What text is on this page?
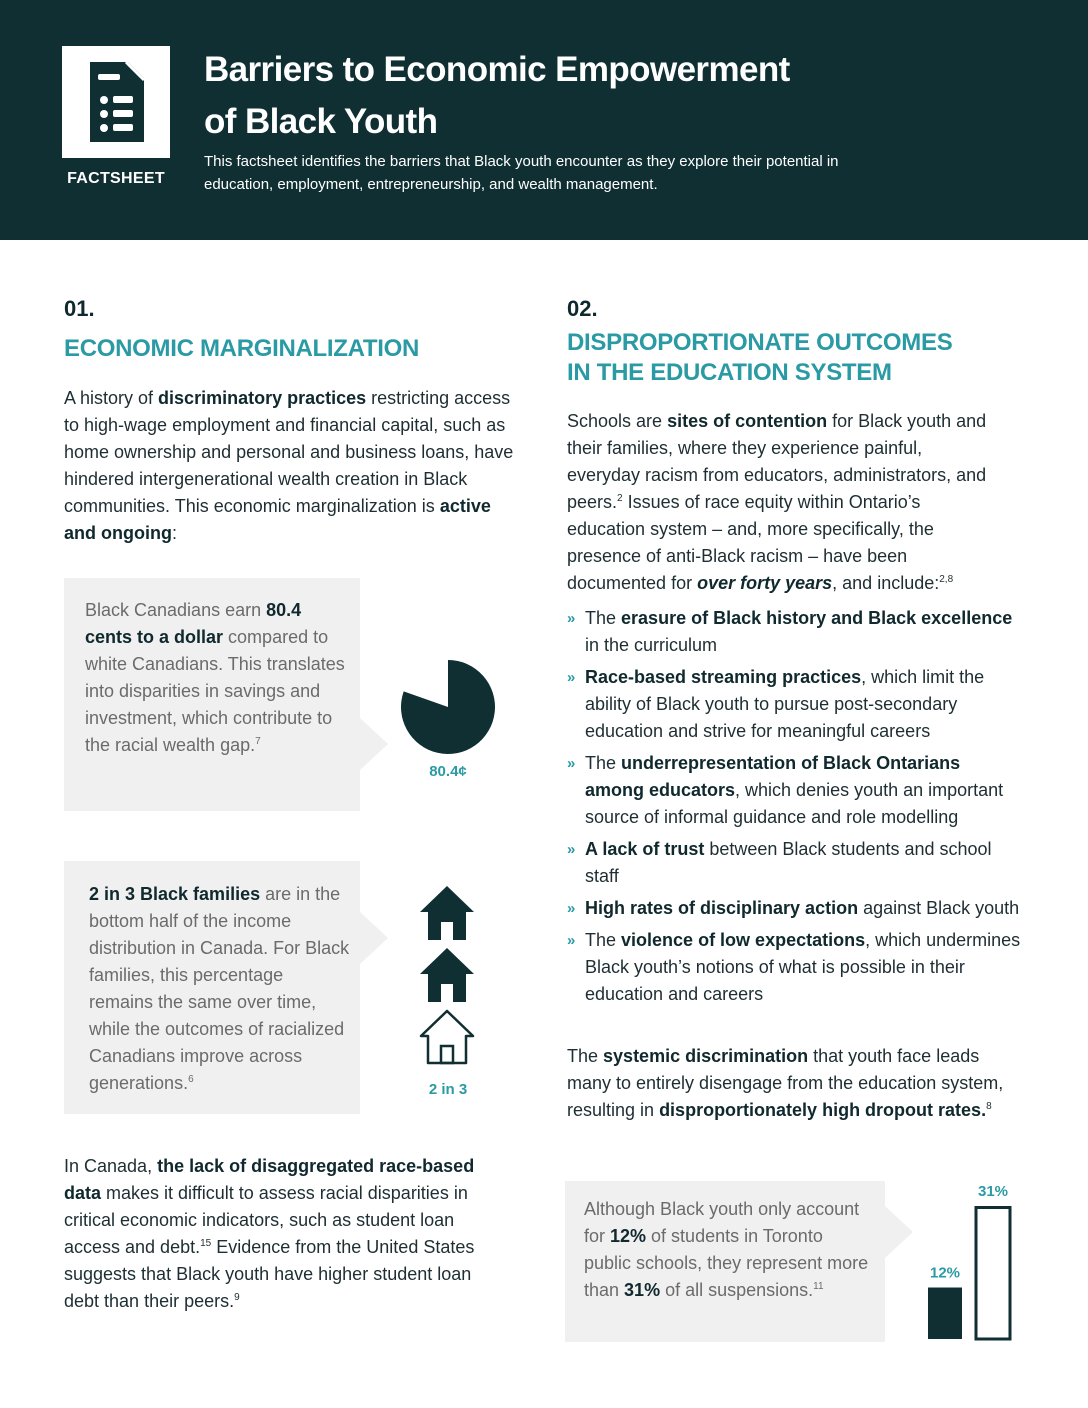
FACTSHEET
Barriers to Economic Empowerment
of Black Youth
This factsheet identifies the barriers that Black youth encounter as they explore their potential in education, employment, entrepreneurship, and wealth management.
01.
ECONOMIC MARGINALIZATION
A history of discriminatory practices restricting access to high-wage employment and financial capital, such as home ownership and personal and business loans, have hindered intergenerational wealth creation in Black communities. This economic marginalization is active and ongoing:
Black Canadians earn 80.4 cents to a dollar compared to white Canadians. This translates into disparities in savings and investment, which contribute to the racial wealth gap.$^7$
80.4¢
2 in 3 Black families are in the bottom half of the income distribution in Canada. For Black families, this percentage remains the same over time, while the outcomes of racialized Canadians improve across generations.$^6$
2 in 3
In Canada, the lack of disaggregated race-based data makes it difficult to assess racial disparities in critical economic indicators, such as student loan access and debt.$^{15}$ Evidence from the United States suggests that Black youth have higher student loan debt than their peers.$^9$
02.
DISPROPORTIONATE OUTCOMES
IN THE EDUCATION SYSTEM
Schools are sites of contention for Black youth and their families, where they experience painful, everyday racism from educators, administrators, and peers.$^2$ Issues of race equity within Ontario’s education system – and, more specifically, the presence of anti-Black racism – have been documented for over forty years, and include:$^{2,8}$
» The erasure of Black history and Black excellence in the curriculum
» Race-based streaming practices, which limit the ability of Black youth to pursue post-secondary education and strive for meaningful careers
» The underrepresentation of Black Ontarians among educators, which denies youth an important source of informal guidance and role modelling
» A lack of trust between Black students and school staff
» High rates of disciplinary action against Black youth
» The violence of low expectations, which undermines Black youth’s notions of what is possible in their education and careers
The systemic discrimination that youth face leads many to entirely disengage from the education system, resulting in disproportionately high dropout rates.$^8$
Although Black youth only account for 12% of students in Toronto public schools, they represent more than 31% of all suspensions.$^{11}$
12%
31%
